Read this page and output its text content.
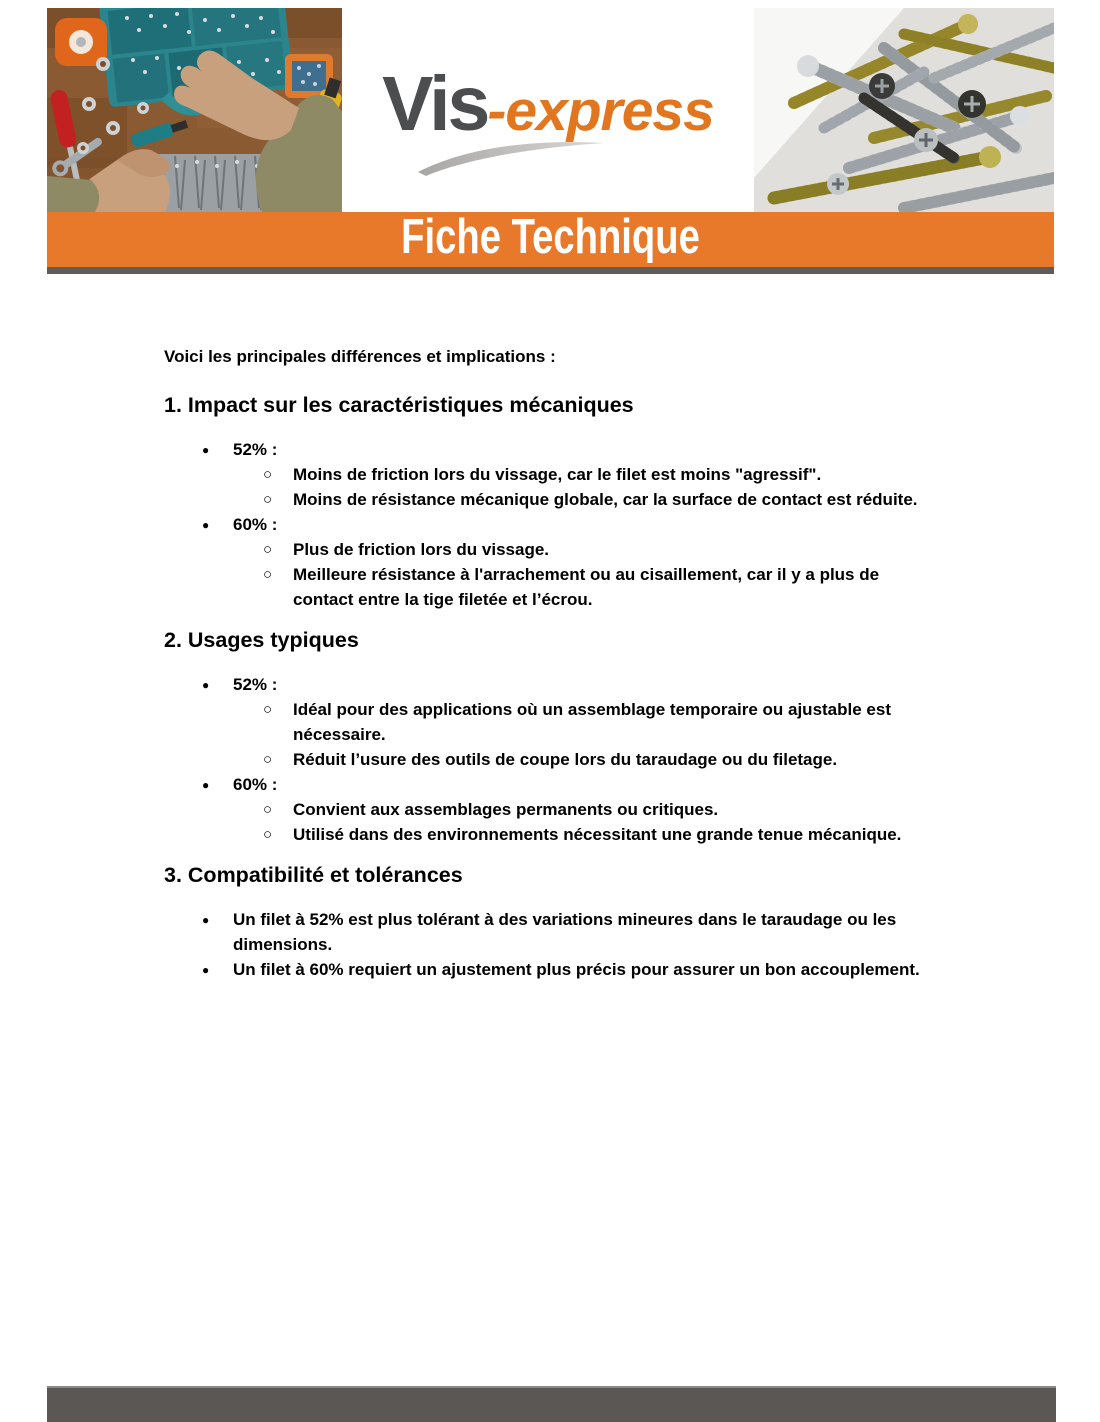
Vis-express
Fiche Technique

Voici les principales différences et implications :

1. Impact sur les caractéristiques mécaniques
● 52% :
○ Moins de friction lors du vissage, car le filet est moins "agressif".
○ Moins de résistance mécanique globale, car la surface de contact est réduite.
● 60% :
○ Plus de friction lors du vissage.
○ Meilleure résistance à l'arrachement ou au cisaillement, car il y a plus de contact entre la tige filetée et l’écrou.
2. Usages typiques
● 52% :
○ Idéal pour des applications où un assemblage temporaire ou ajustable est nécessaire.
○ Réduit l’usure des outils de coupe lors du taraudage ou du filetage.
● 60% :
○ Convient aux assemblages permanents ou critiques.
○ Utilisé dans des environnements nécessitant une grande tenue mécanique.
3. Compatibilité et tolérances
● Un filet à 52% est plus tolérant à des variations mineures dans le taraudage ou les dimensions.
● Un filet à 60% requiert un ajustement plus précis pour assurer un bon accouplement.
